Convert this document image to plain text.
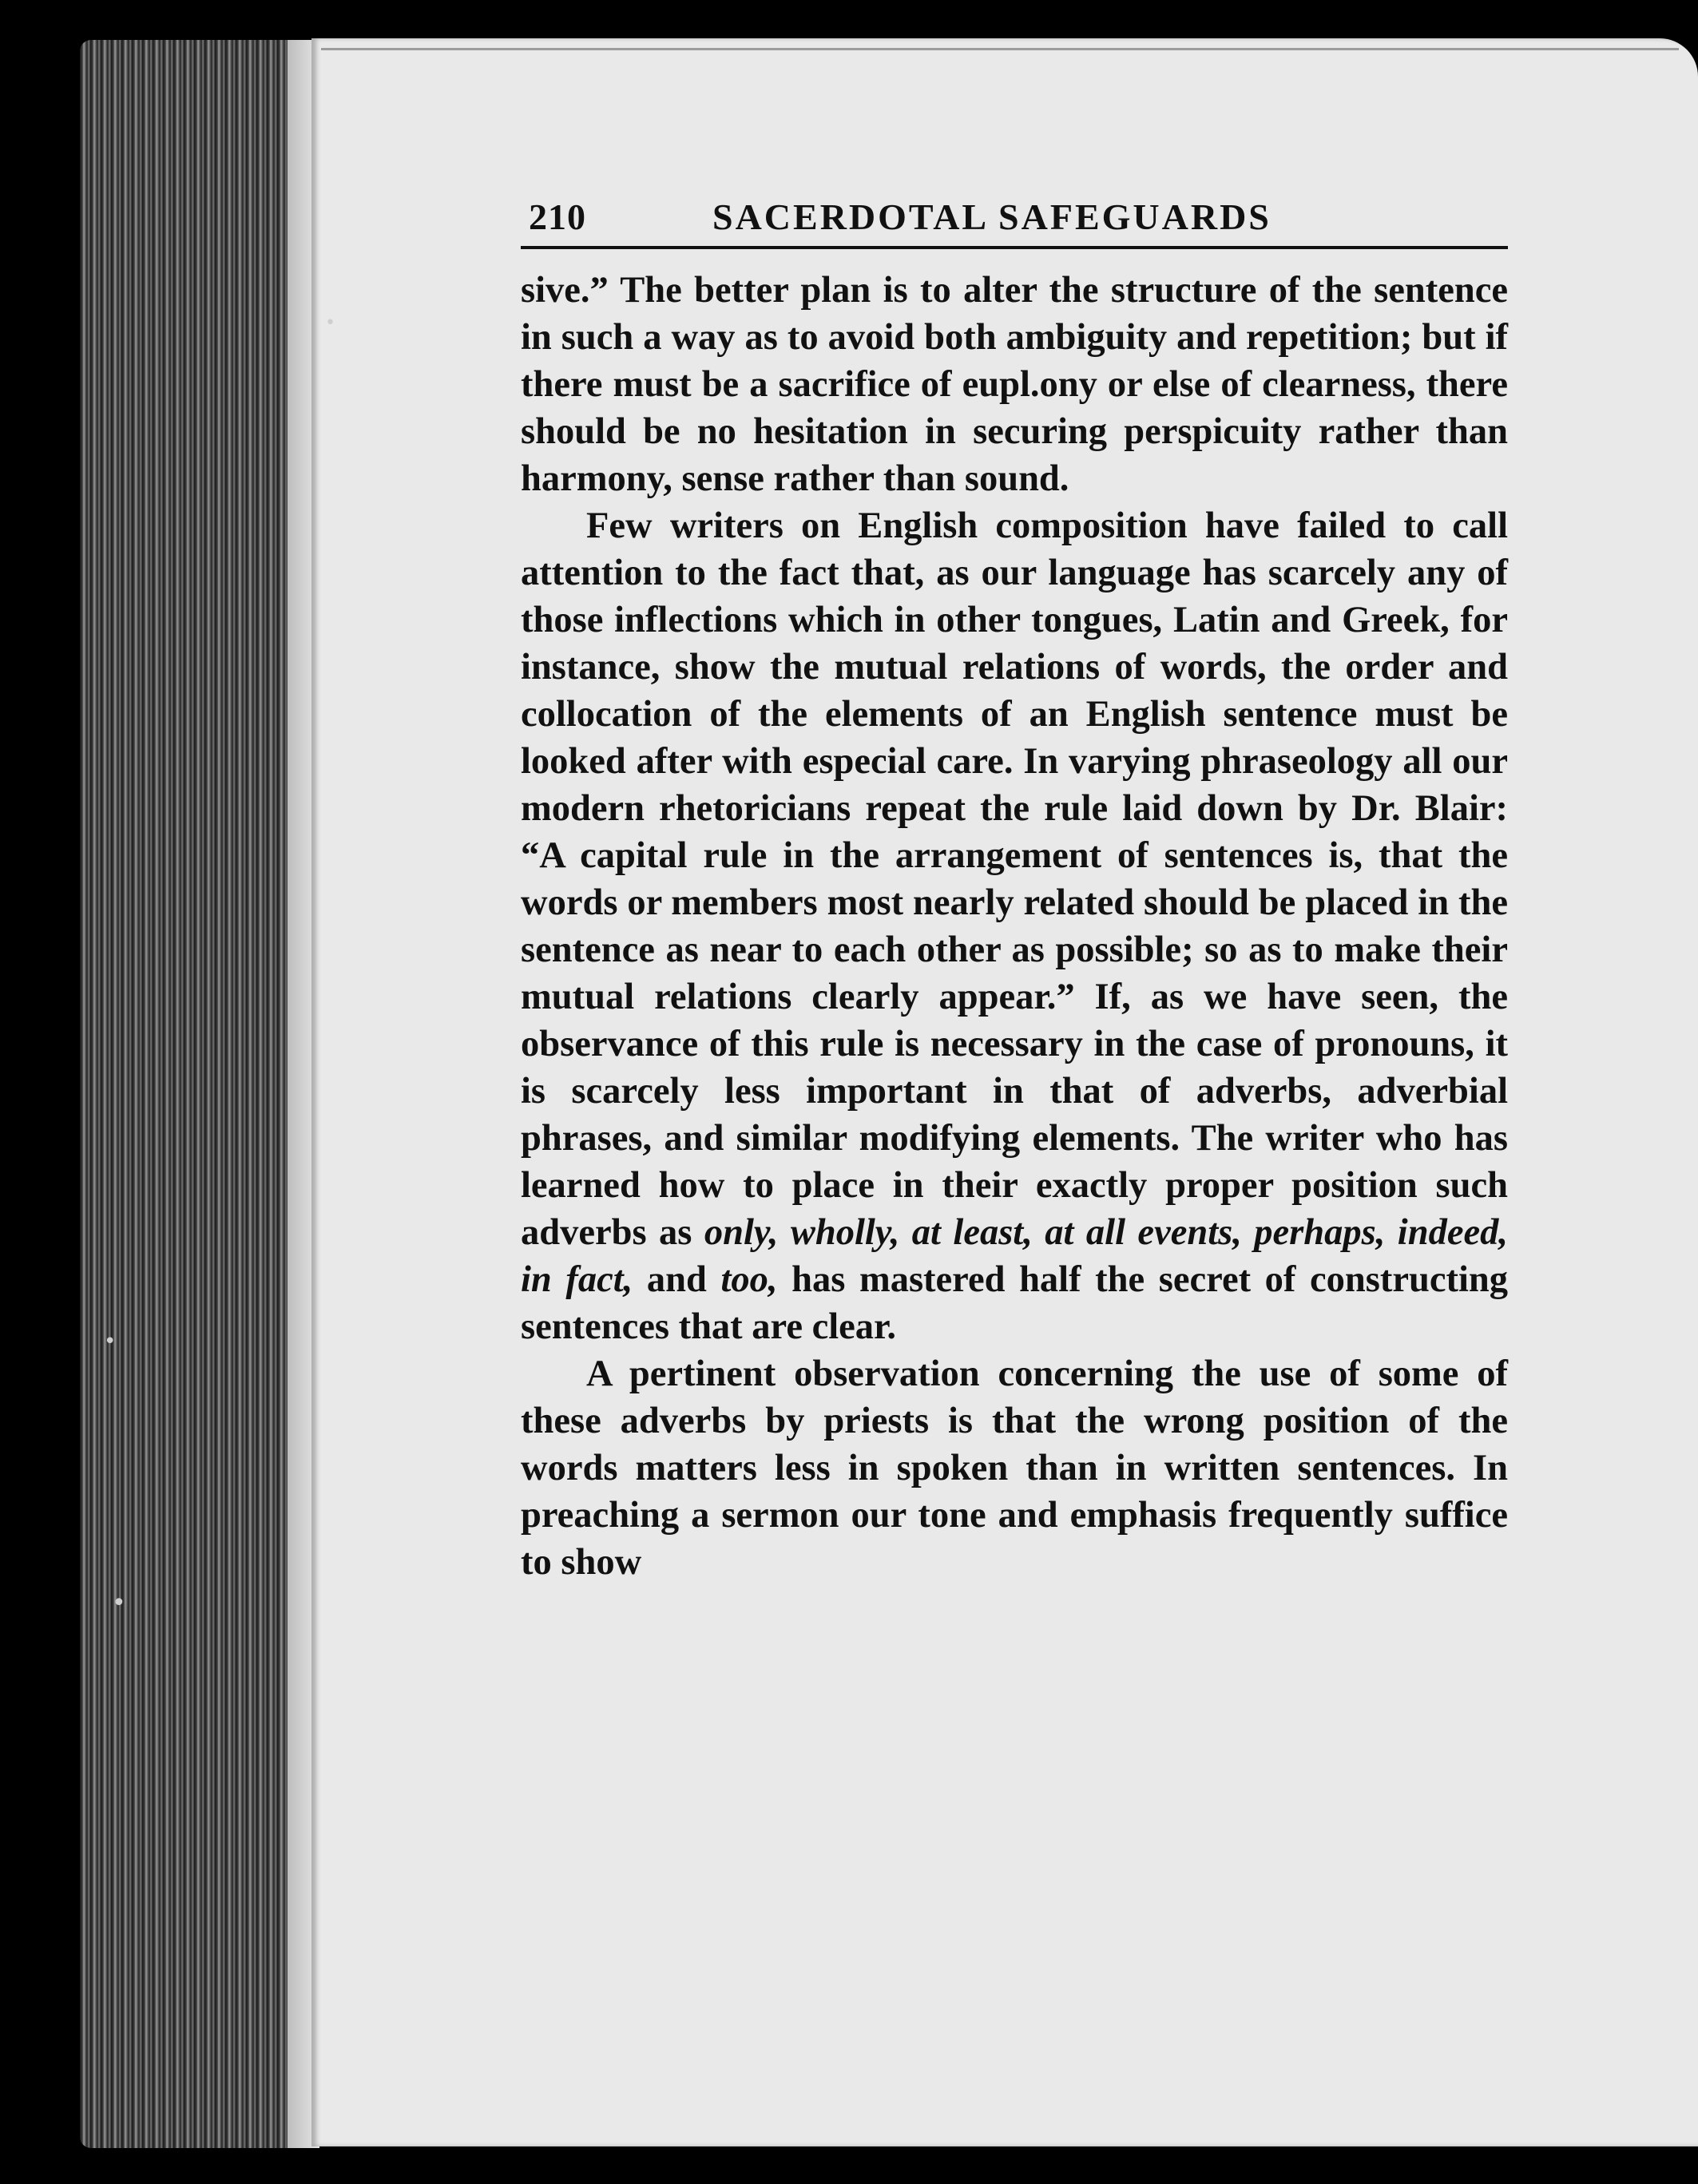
•
•
•
210	SACERDOTAL SAFEGUARDS

sive.” The better plan is to alter the structure of the sentence in such a way as to avoid both ambiguity and repetition; but if there must be a sacrifice of eupl.ony or else of clearness, there should be no hesitation in securing perspicuity rather than harmony, sense rather than sound.

Few writers on English composition have failed to call attention to the fact that, as our language has scarcely any of those inflections which in other tongues, Latin and Greek, for instance, show the mutual relations of words, the order and collocation of the elements of an English sentence must be looked after with especial care. In varying phraseology all our modern rhetoricians repeat the rule laid down by Dr. Blair: “A capital rule in the arrangement of sentences is, that the words or members most nearly related should be placed in the sentence as near to each other as possible; so as to make their mutual relations clearly appear.” If, as we have seen, the observance of this rule is necessary in the case of pronouns, it is scarcely less important in that of adverbs, adverbial phrases, and similar modifying elements. The writer who has learned how to place in their exactly proper position such adverbs as only, wholly, at least, at all events, perhaps, indeed, in fact, and too, has mastered half the secret of constructing sentences that are clear.

A pertinent observation concerning the use of some of these adverbs by priests is that the wrong position of the words matters less in spoken than in written sentences. In preaching a sermon our tone and emphasis frequently suffice to show
